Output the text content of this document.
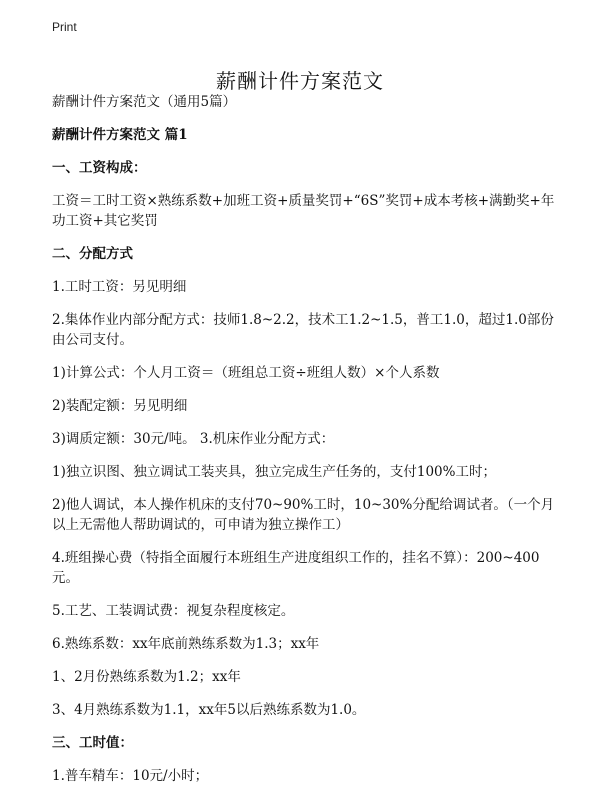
Print
薪酬计件方案范文

薪酬计件方案范文（通用5篇）

薪酬计件方案范文 篇1

一、工资构成：

工资＝工时工资×熟练系数+加班工资+质量奖罚+“6S”奖罚+成本考核+满勤奖+年功工资+其它奖罚

二、分配方式

1.工时工资：另见明细

2.集体作业内部分配方式：技师1.8~2.2，技术工1.2~1.5，普工1.0，超过1.0部份由公司支付。

1)计算公式：个人月工资＝（班组总工资÷班组人数）×个人系数

2)装配定额：另见明细

3)调质定额：30元/吨。 3.机床作业分配方式：

1)独立识图、独立调试工装夹具，独立完成生产任务的，支付100%工时；

2)他人调试，本人操作机床的支付70~90%工时，10~30%分配给调试者。（一个月以上无需他人帮助调试的，可申请为独立操作工）

4.班组操心费（特指全面履行本班组生产进度组织工作的，挂名不算）：200~400元。

5.工艺、工装调试费：视复杂程度核定。

6.熟练系数：xx年底前熟练系数为1.3；xx年

1、2月份熟练系数为1.2；xx年

3、4月熟练系数为1.1，xx年5以后熟练系数为1.0。

三、工时值：

1.普车精车：10元/小时；
